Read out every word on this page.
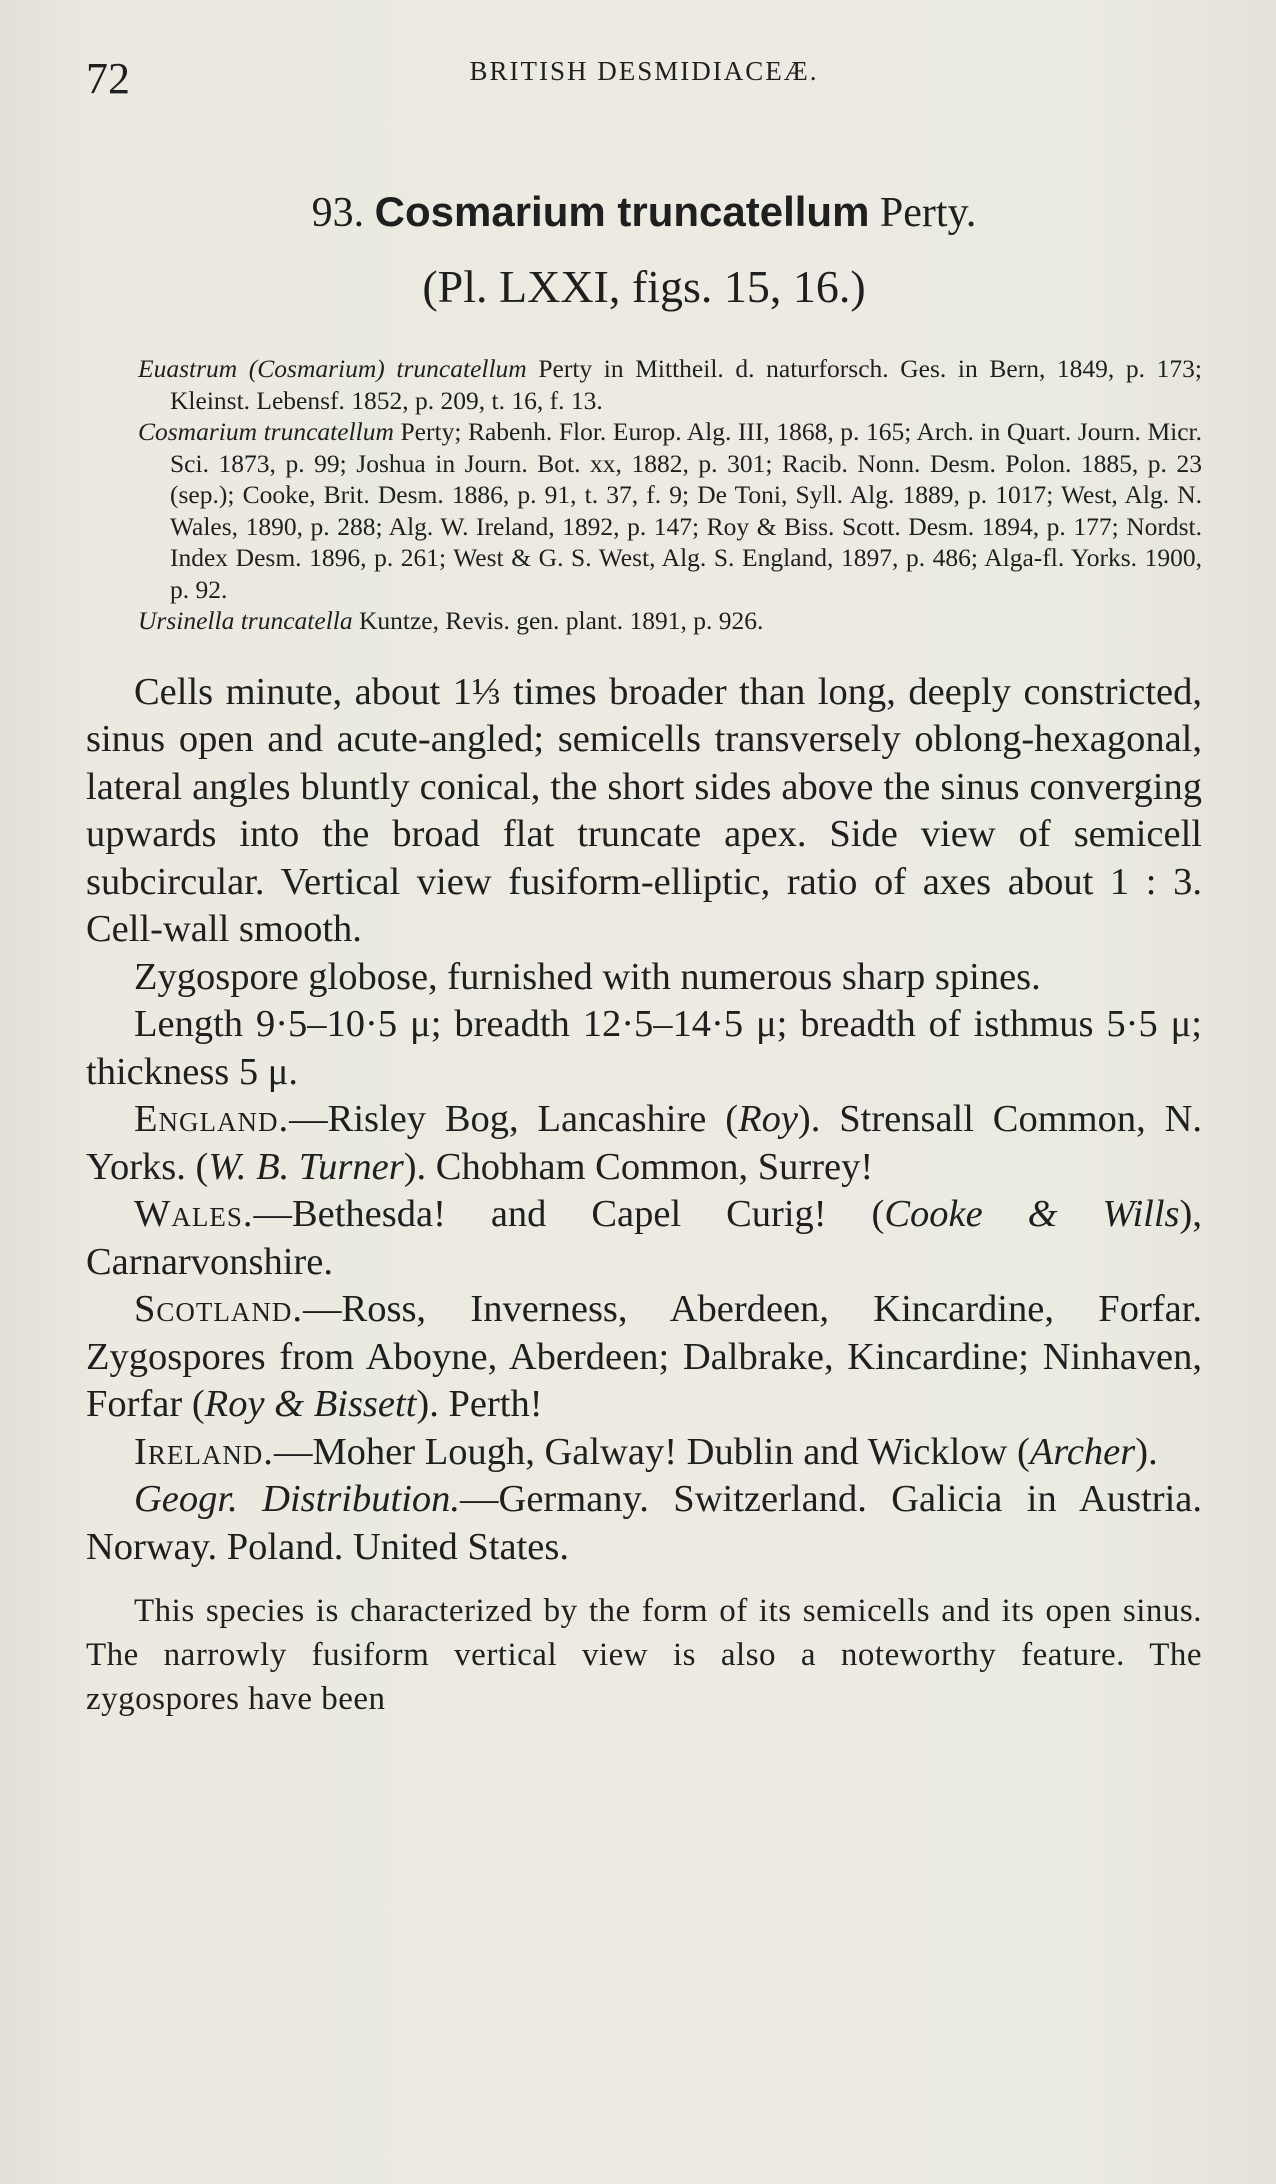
72	BRITISH DESMIDIACEÆ.
93. Cosmarium truncatellum Perty.
(Pl. LXXI, figs. 15, 16.)
Euastrum (Cosmarium) truncatellum Perty in Mittheil. d. naturforsch. Ges. in Bern, 1849, p. 173; Kleinst. Lebensf. 1852, p. 209, t. 16, f. 13.
Cosmarium truncatellum Perty; Rabenh. Flor. Europ. Alg. III, 1868, p. 165; Arch. in Quart. Journ. Micr. Sci. 1873, p. 99; Joshua in Journ. Bot. xx, 1882, p. 301; Racib. Nonn. Desm. Polon. 1885, p. 23 (sep.); Cooke, Brit. Desm. 1886, p. 91, t. 37, f. 9; De Toni, Syll. Alg. 1889, p. 1017; West, Alg. N. Wales, 1890, p. 288; Alg. W. Ireland, 1892, p. 147; Roy & Biss. Scott. Desm. 1894, p. 177; Nordst. Index Desm. 1896, p. 261; West & G. S. West, Alg. S. England, 1897, p. 486; Alga-fl. Yorks. 1900, p. 92.
Ursinella truncatella Kuntze, Revis. gen. plant. 1891, p. 926.

Cells minute, about 1⅓ times broader than long, deeply constricted, sinus open and acute-angled; semicells transversely oblong-hexagonal, lateral angles bluntly conical, the short sides above the sinus converging upwards into the broad flat truncate apex. Side view of semicell subcircular. Vertical view fusiform-elliptic, ratio of axes about 1 : 3. Cell-wall smooth.

Zygospore globose, furnished with numerous sharp spines.

Length 9·5–10·5 μ; breadth 12·5–14·5 μ; breadth of isthmus 5·5 μ; thickness 5 μ.

England.—Risley Bog, Lancashire (Roy). Strensall Common, N. Yorks. (W. B. Turner). Chobham Common, Surrey!

Wales.—Bethesda! and Capel Curig! (Cooke & Wills), Carnarvonshire.

Scotland.—Ross, Inverness, Aberdeen, Kincardine, Forfar. Zygospores from Aboyne, Aberdeen; Dalbrake, Kincardine; Ninhaven, Forfar (Roy & Bissett). Perth!

Ireland.—Moher Lough, Galway! Dublin and Wicklow (Archer).

Geogr. Distribution.—Germany. Switzerland. Galicia in Austria. Norway. Poland. United States.

This species is characterized by the form of its semicells and its open sinus. The narrowly fusiform vertical view is also a noteworthy feature. The zygospores have been
